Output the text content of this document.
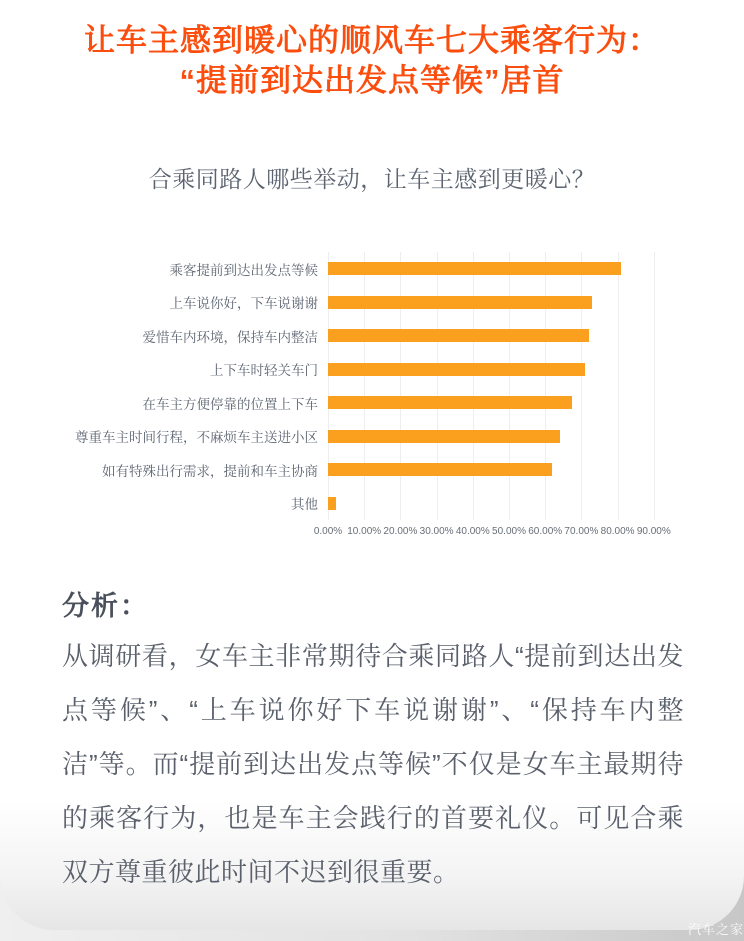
让车主感到暖心的顺风车七大乘客行为：
“提前到达出发点等候”居首
合乘同路人哪些举动，让车主感到更暖心？
乘客提前到达出发点等候
上车说你好，下车说谢谢
爱惜车内环境，保持车内整洁
上下车时轻关车门
在车主方便停靠的位置上下车
尊重车主时间行程，不麻烦车主送进小区
如有特殊出行需求，提前和车主协商
其他
0.00% 10.00% 20.00% 30.00% 40.00% 50.00% 60.00% 70.00% 80.00% 90.00%
分析：
从调研看，女车主非常期待合乘同路人“提前到达出发点等候”、“上车说你好下车说谢谢”、“保持车内整洁”等。而“提前到达出发点等候”不仅是女车主最期待的乘客行为，也是车主会践行的首要礼仪。可见合乘双方尊重彼此时间不迟到很重要。
汽车之家
